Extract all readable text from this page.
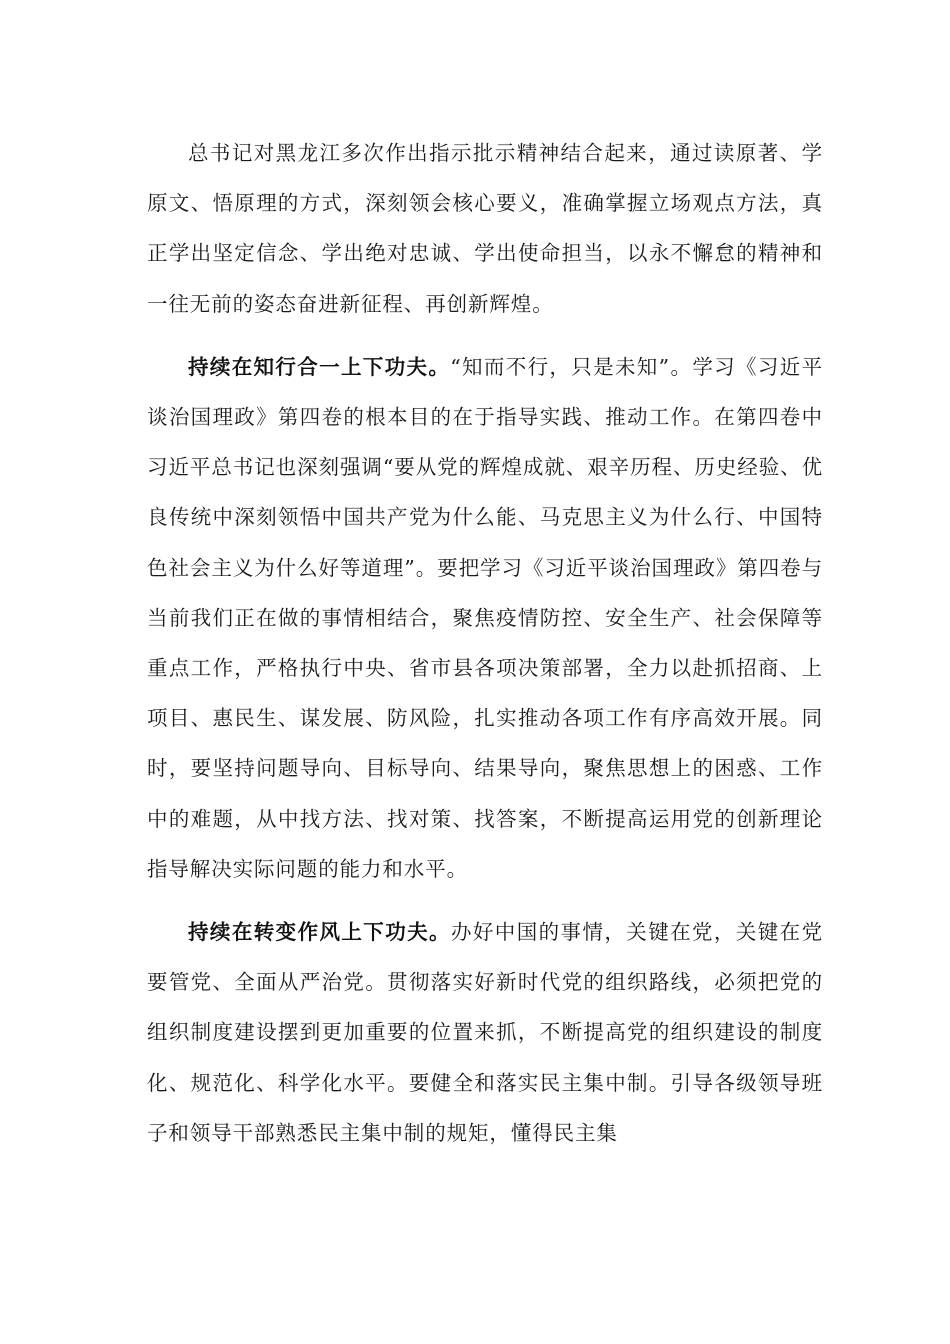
总书记对黑龙江多次作出指示批示精神结合起来，通过读原著、学原文、悟原理的方式，深刻领会核心要义，准确掌握立场观点方法，真正学出坚定信念、学出绝对忠诚、学出使命担当，以永不懈怠的精神和一往无前的姿态奋进新征程、再创新辉煌。

持续在知行合一上下功夫。“知而不行，只是未知”。学习《习近平谈治国理政》第四卷的根本目的在于指导实践、推动工作。在第四卷中习近平总书记也深刻强调“要从党的辉煌成就、艰辛历程、历史经验、优良传统中深刻领悟中国共产党为什么能、马克思主义为什么行、中国特色社会主义为什么好等道理”。要把学习《习近平谈治国理政》第四卷与当前我们正在做的事情相结合，聚焦疫情防控、安全生产、社会保障等重点工作，严格执行中央、省市县各项决策部署，全力以赴抓招商、上项目、惠民生、谋发展、防风险，扎实推动各项工作有序高效开展。同时，要坚持问题导向、目标导向、结果导向，聚焦思想上的困惑、工作中的难题，从中找方法、找对策、找答案，不断提高运用党的创新理论指导解决实际问题的能力和水平。

持续在转变作风上下功夫。办好中国的事情，关键在党，关键在党要管党、全面从严治党。贯彻落实好新时代党的组织路线，必须把党的组织制度建设摆到更加重要的位置来抓，不断提高党的组织建设的制度化、规范化、科学化水平。要健全和落实民主集中制。引导各级领导班子和领导干部熟悉民主集中制的规矩，懂得民主集
